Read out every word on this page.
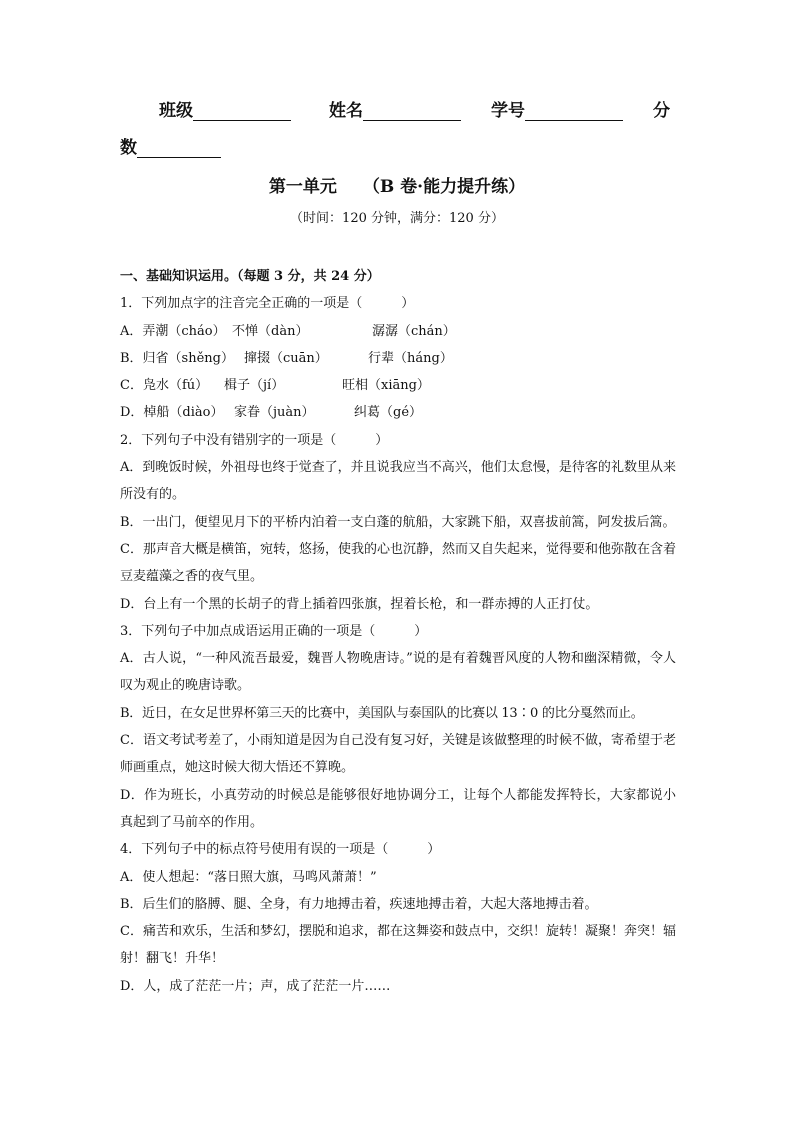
班级	姓名	学号	分
数
第一单元 （B 卷·能力提升练）
（时间：120 分钟，满分：120 分）
一、基础知识运用。（每题 3 分，共 24 分）
1．下列加点字的注音完全正确的一项是（　　　）
A．弄潮（cháo） 不惮（dàn）	潺潺（chán）
B．归省（shěng） 撺掇（cuān）	行辈（háng）
C．凫水（fú） 楫子（jí）	旺相（xiāng）
D．棹船（diào） 家眷（juàn）	纠葛（gé）
2．下列句子中没有错别字的一项是（　　　）
A．到晚饭时候，外祖母也终于觉查了，并且说我应当不高兴，他们太怠慢，是待客的礼数里从来所没有的。
B．一出门，便望见月下的平桥内泊着一支白蓬的航船，大家跳下船，双喜拔前篙，阿发拔后篙。
C．那声音大概是横笛，宛转，悠扬，使我的心也沉静，然而又自失起来，觉得要和他弥散在含着豆麦蕴藻之香的夜气里。
D．台上有一个黑的长胡子的背上插着四张旗，捏着长枪，和一群赤搏的人正打仗。
3．下列句子中加点成语运用正确的一项是（　　　）
A．古人说，“一种风流吾最爱，魏晋人物晚唐诗。”说的是有着魏晋风度的人物和幽深精微，令人叹为观止的晚唐诗歌。
B．近日，在女足世界杯第三天的比赛中，美国队与泰国队的比赛以 13∶0 的比分戛然而止。
C．语文考试考差了，小雨知道是因为自己没有复习好，关键是该做整理的时候不做，寄希望于老师画重点，她这时候大彻大悟还不算晚。
D．作为班长，小真劳动的时候总是能够很好地协调分工，让每个人都能发挥特长，大家都说小真起到了马前卒的作用。
4．下列句子中的标点符号使用有误的一项是（　　　）
A．使人想起：“落日照大旗，马鸣风萧萧！”
B．后生们的胳膊、腿、全身，有力地搏击着，疾速地搏击着，大起大落地搏击着。
C．痛苦和欢乐，生活和梦幻，摆脱和追求，都在这舞姿和鼓点中，交织！旋转！凝聚！奔突！辐射！翻飞！升华！
D．人，成了茫茫一片；声，成了茫茫一片……
